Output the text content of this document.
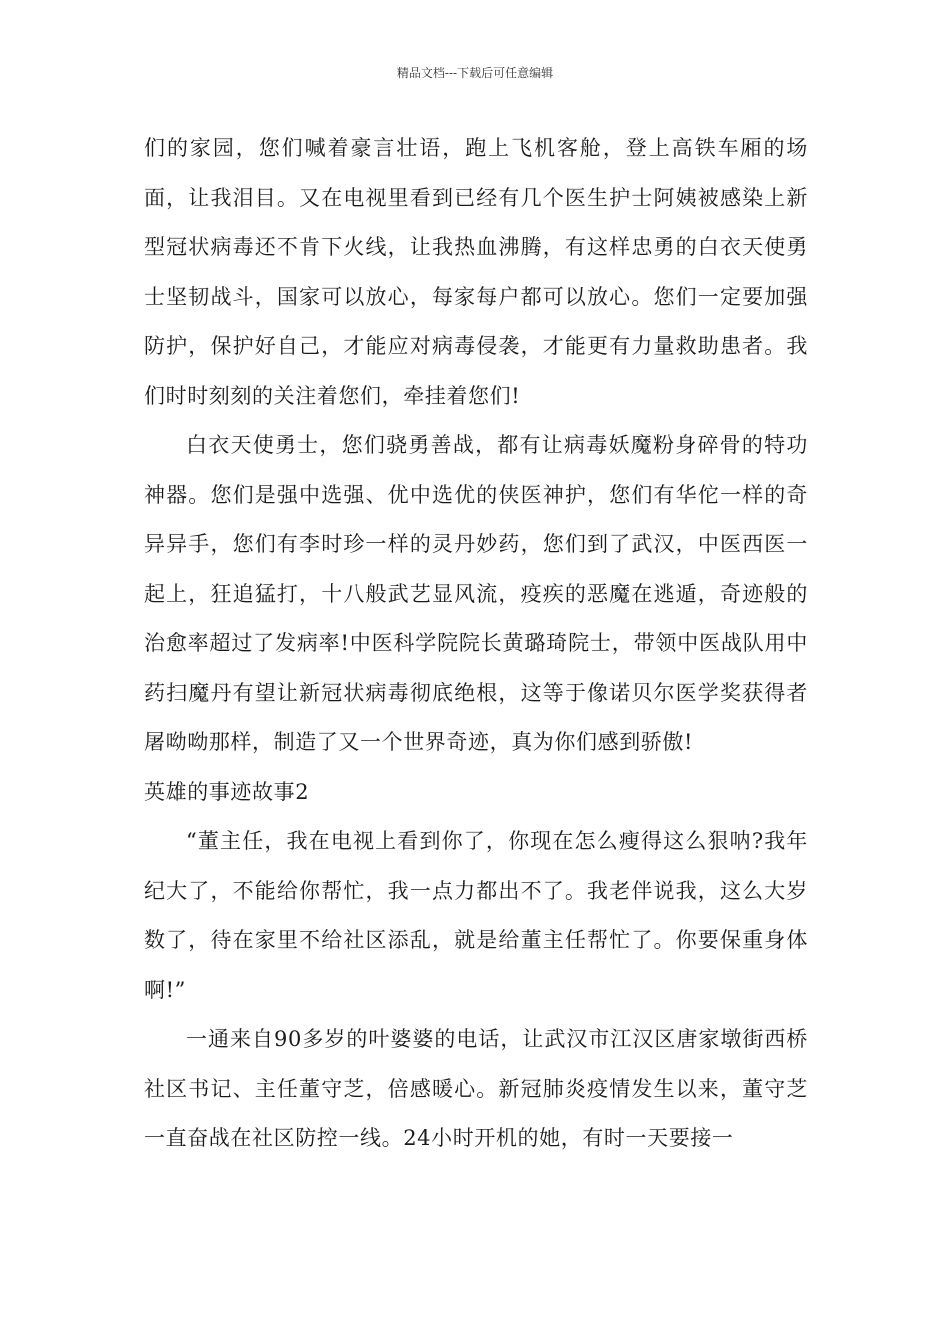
精品文档---下载后可任意编辑

们的家园，您们喊着豪言壮语，跑上飞机客舱，登上高铁车厢的场面，让我泪目。又在电视里看到已经有几个医生护士阿姨被感染上新型冠状病毒还不肯下火线，让我热血沸腾，有这样忠勇的白衣天使勇士坚韧战斗，国家可以放心，每家每户都可以放心。您们一定要加强防护，保护好自己，才能应对病毒侵袭，才能更有力量救助患者。我们时时刻刻的关注着您们，牵挂着您们!

白衣天使勇士，您们骁勇善战，都有让病毒妖魔粉身碎骨的特功神器。您们是强中选强、优中选优的侠医神护，您们有华佗一样的奇异异手，您们有李时珍一样的灵丹妙药，您们到了武汉，中医西医一起上，狂追猛打，十八般武艺显风流，疫疾的恶魔在逃遁，奇迹般的治愈率超过了发病率!中医科学院院长黄璐琦院士，带领中医战队用中药扫魔丹有望让新冠状病毒彻底绝根，这等于像诺贝尔医学奖获得者屠呦呦那样，制造了又一个世界奇迹，真为你们感到骄傲!

英雄的事迹故事2

“董主任，我在电视上看到你了，你现在怎么瘦得这么狠呐?我年纪大了，不能给你帮忙，我一点力都出不了。我老伴说我，这么大岁数了，待在家里不给社区添乱，就是给董主任帮忙了。你要保重身体啊!”

一通来自90多岁的叶婆婆的电话，让武汉市江汉区唐家墩街西桥社区书记、主任董守芝，倍感暖心。新冠肺炎疫情发生以来，董守芝一直奋战在社区防控一线。24小时开机的她，有时一天要接一
